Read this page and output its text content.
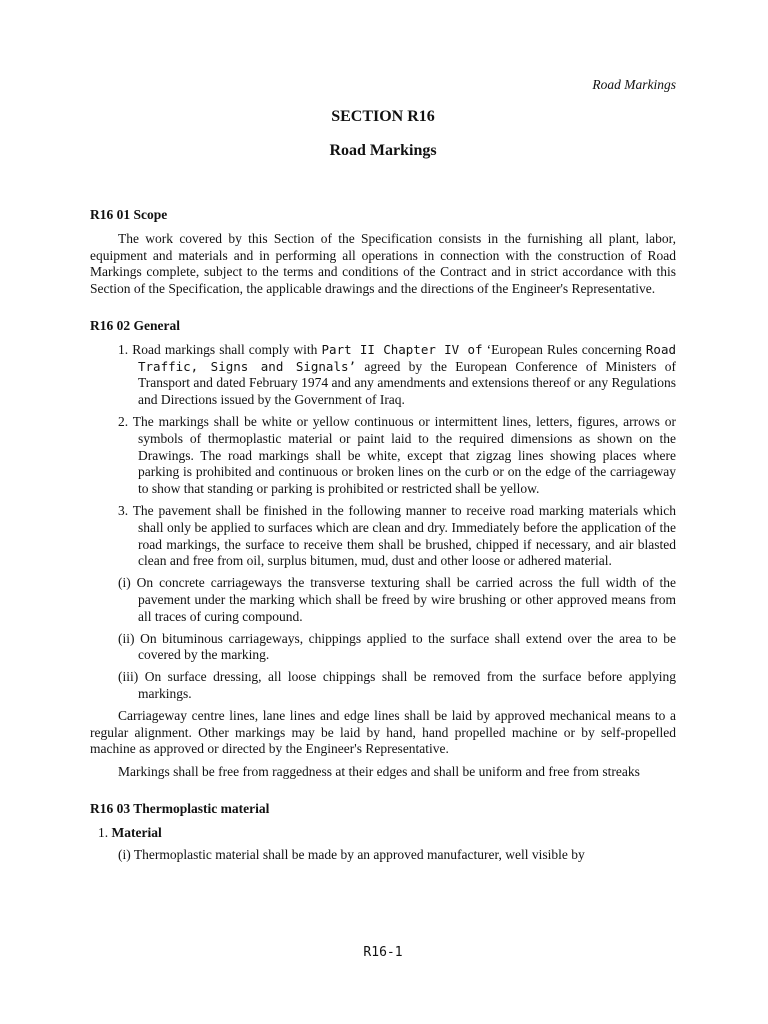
Road Markings
SECTION R16
Road Markings
R16 01 Scope

The work covered by this Section of the Specification consists in the furnishing all plant, labor, equipment and materials and in performing all operations in connection with the construction of Road Markings complete, subject to the terms and conditions of the Contract and in strict accordance with this Section of the Specification, the applicable drawings and the directions of the Engineer's Representative.

R16 02 General

1. Road markings shall comply with Part II Chapter IV of ‘European Rules concerning Road Traffic, Signs and Signals’ agreed by the European Conference of Ministers of Transport and dated February 1974 and any amendments and extensions thereof or any Regulations and Directions issued by the Government of Iraq.

2. The markings shall be white or yellow continuous or intermittent lines, letters, figures, arrows or symbols of thermoplastic material or paint laid to the required dimensions as shown on the Drawings. The road markings shall be white, except that zigzag lines showing places where parking is prohibited and continuous or broken lines on the curb or on the edge of the carriageway to show that standing or parking is prohibited or restricted shall be yellow.

3. The pavement shall be finished in the following manner to receive road marking materials which shall only be applied to surfaces which are clean and dry. Immediately before the application of the road markings, the surface to receive them shall be brushed, chipped if necessary, and air blasted clean and free from oil, surplus bitumen, mud, dust and other loose or adhered material.

(i) On concrete carriageways the transverse texturing shall be carried across the full width of the pavement under the marking which shall be freed by wire brushing or other approved means from all traces of curing compound.

(ii) On bituminous carriageways, chippings applied to the surface shall extend over the area to be covered by the marking.

(iii) On surface dressing, all loose chippings shall be removed from the surface before applying markings.

Carriageway centre lines, lane lines and edge lines shall be laid by approved mechanical means to a regular alignment. Other markings may be laid by hand, hand propelled machine or by self-propelled machine as approved or directed by the Engineer's Representative.

Markings shall be free from raggedness at their edges and shall be uniform and free from streaks

R16 03 Thermoplastic material
1. Material

(i) Thermoplastic material shall be made by an approved manufacturer, well visible by

R16-1
